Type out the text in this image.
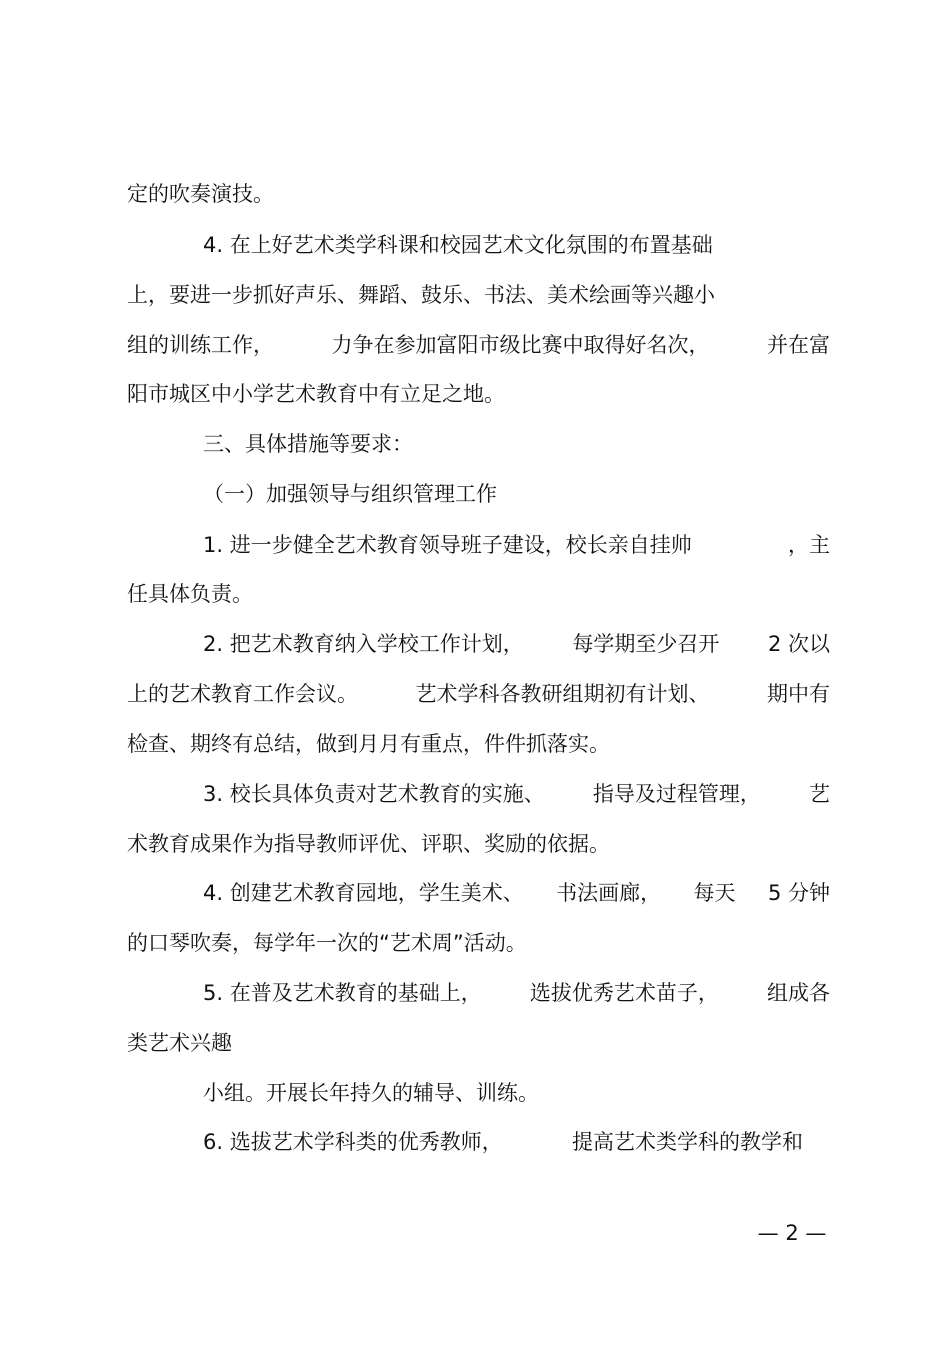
定的吹奏演技。
4. 在上好艺术类学科课和校园艺术文化氛围的布置基础
上，要进一步抓好声乐、舞蹈、鼓乐、书法、美术绘画等兴趣小
组的训练工作，	力争在参加富阳市级比赛中取得好名次，	并在富
阳市城区中小学艺术教育中有立足之地。
三、具体措施等要求：
（一）加强领导与组织管理工作
1. 进一步健全艺术教育领导班子建设，校长亲自挂帅	，主
任具体负责。
2. 把艺术教育纳入学校工作计划， 每学期至少召开 2 次以
上的艺术教育工作会议。	艺术学科各教研组期初有计划、	期中有
检查、期终有总结，做到月月有重点，件件抓落实。
3. 校长具体负责对艺术教育的实施、 指导及过程管理， 艺
术教育成果作为指导教师评优、评职、奖励的依据。
4. 创建艺术教育园地，学生美术、 书法画廊， 每天 5 分钟
的口琴吹奏，每学年一次的“艺术周”活动。
5. 在普及艺术教育的基础上， 选拔优秀艺术苗子， 组成各
类艺术兴趣
小组。开展长年持久的辅导、训练。
6. 选拔艺术学科类的优秀教师，	提高艺术类学科的教学和
— 2 —
